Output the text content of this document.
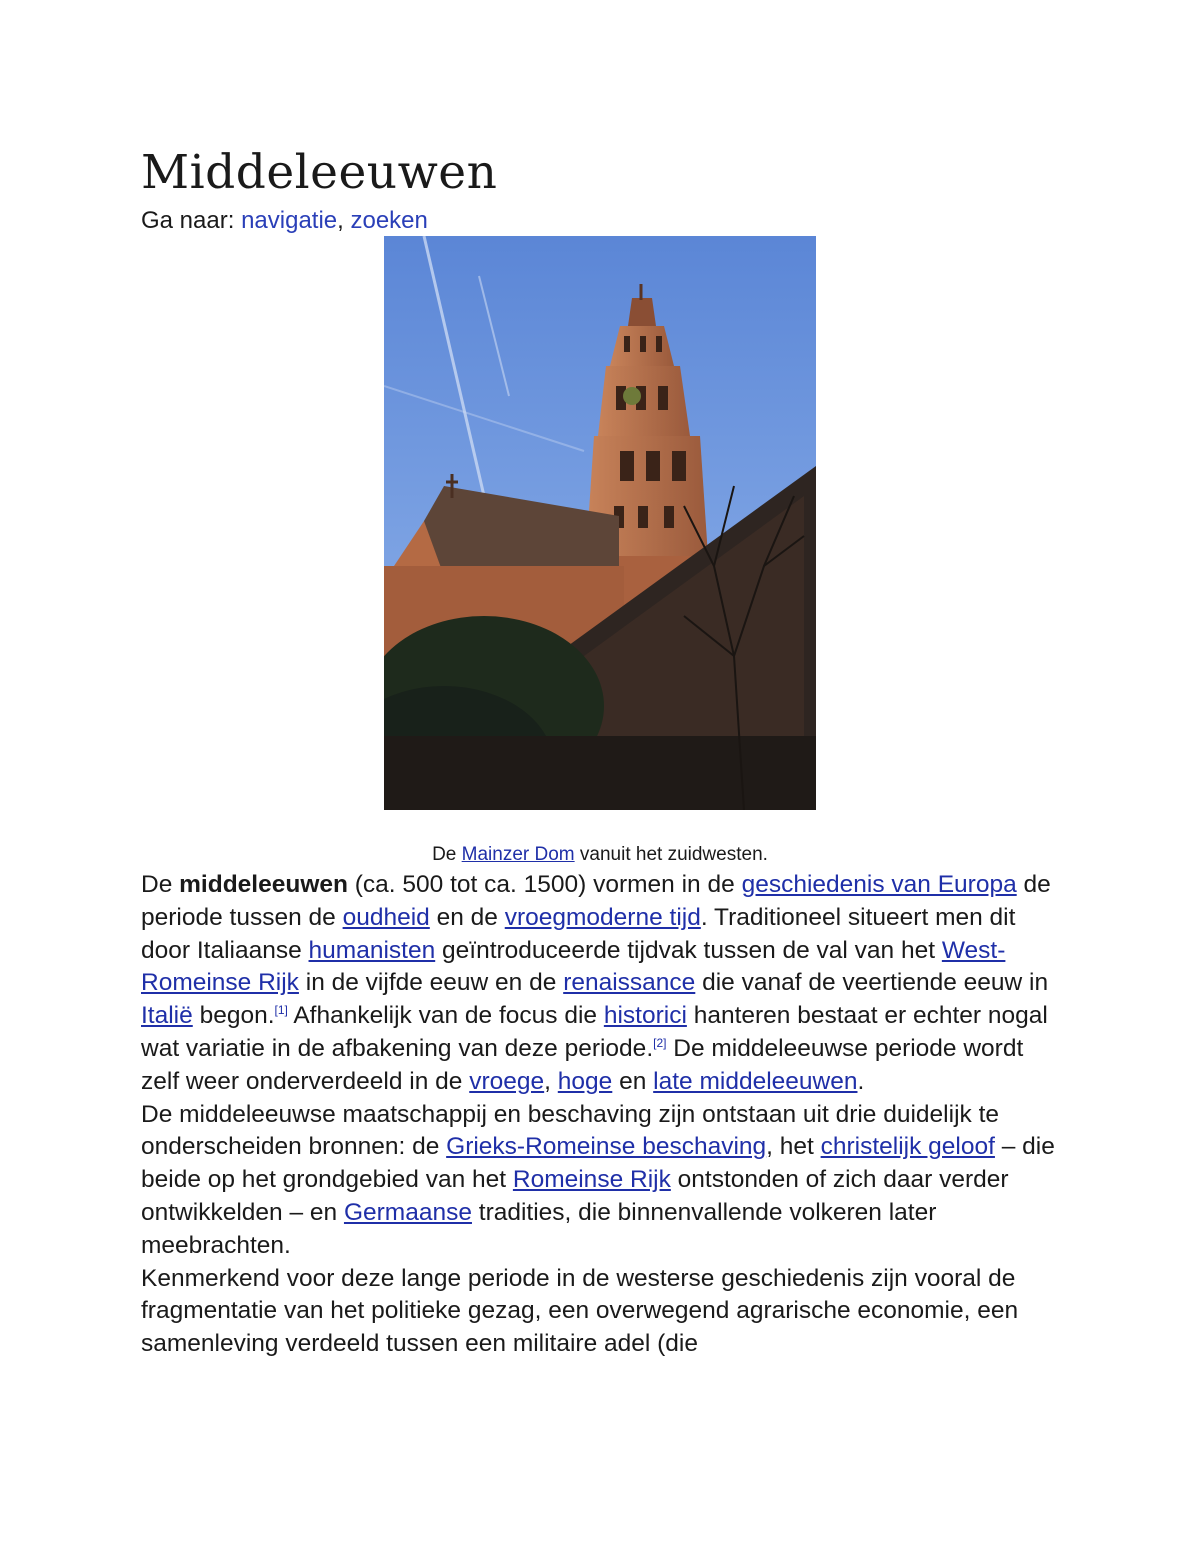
Middeleeuwen
Ga naar: navigatie, zoeken
De Mainzer Dom vanuit het zuidwesten.

De middeleeuwen (ca. 500 tot ca. 1500) vormen in de geschiedenis van Europa de periode tussen de oudheid en de vroegmoderne tijd. Traditioneel situeert men dit door Italiaanse humanisten geïntroduceerde tijdvak tussen de val van het West-Romeinse Rijk in de vijfde eeuw en de renaissance die vanaf de veertiende eeuw in Italië begon.[1] Afhankelijk van de focus die historici hanteren bestaat er echter nogal wat variatie in de afbakening van deze periode.[2] De middeleeuwse periode wordt zelf weer onderverdeeld in de vroege, hoge en late middeleeuwen.

De middeleeuwse maatschappij en beschaving zijn ontstaan uit drie duidelijk te onderscheiden bronnen: de Grieks-Romeinse beschaving, het christelijk geloof – die beide op het grondgebied van het Romeinse Rijk ontstonden of zich daar verder ontwikkelden – en Germaanse tradities, die binnenvallende volkeren later meebrachten.

Kenmerkend voor deze lange periode in de westerse geschiedenis zijn vooral de fragmentatie van het politieke gezag, een overwegend agrarische economie, een samenleving verdeeld tussen een militaire adel (die
